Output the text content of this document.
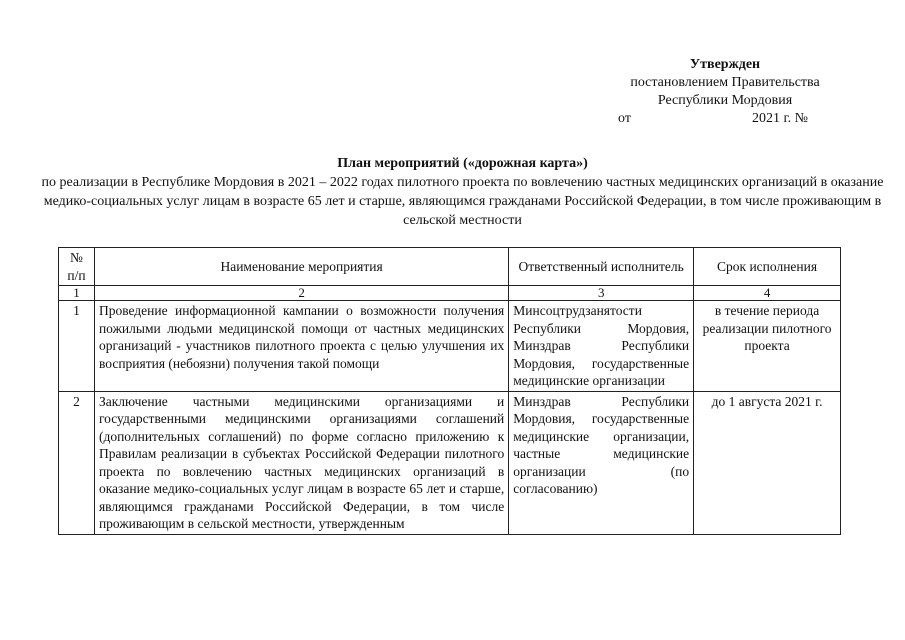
Утвержден
постановлением Правительства
Республики Мордовия
от	2021 г. №
План мероприятий («дорожная карта»)
по реализации в Республике Мордовия в 2021 – 2022 годах пилотного проекта по вовлечению частных медицинских организаций в оказание медико-социальных услуг лицам в возрасте 65 лет и старше, являющимся гражданами Российской Федерации, в том числе проживающим в сельской местности
№ п/п	Наименование мероприятия	Ответственный исполнитель	Срок исполнения
1	2	3	4
1	Проведение информационной кампании о возможности получения пожилыми людьми медицинской помощи от частных медицинских организаций - участников пилотного проекта с целью улучшения их восприятия (небоязни) получения такой помощи	Минсоцтрудзанятости Республики Мордовия, Минздрав Республики Мордовия, государственные медицинские организации	в течение периода реализации пилотного проекта
2	Заключение частными медицинскими организациями и государственными медицинскими организациями соглашений (дополнительных соглашений) по форме согласно приложению к Правилам реализации в субъектах Российской Федерации пилотного проекта по вовлечению частных медицинских организаций в оказание медико-социальных услуг лицам в возрасте 65 лет и старше, являющимся гражданами Российской Федерации, в том числе проживающим в сельской местности, утвержденным	Минздрав Республики Мордовия, государственные медицинские организации, частные медицинские организации (по согласованию)	до 1 августа 2021 г.
